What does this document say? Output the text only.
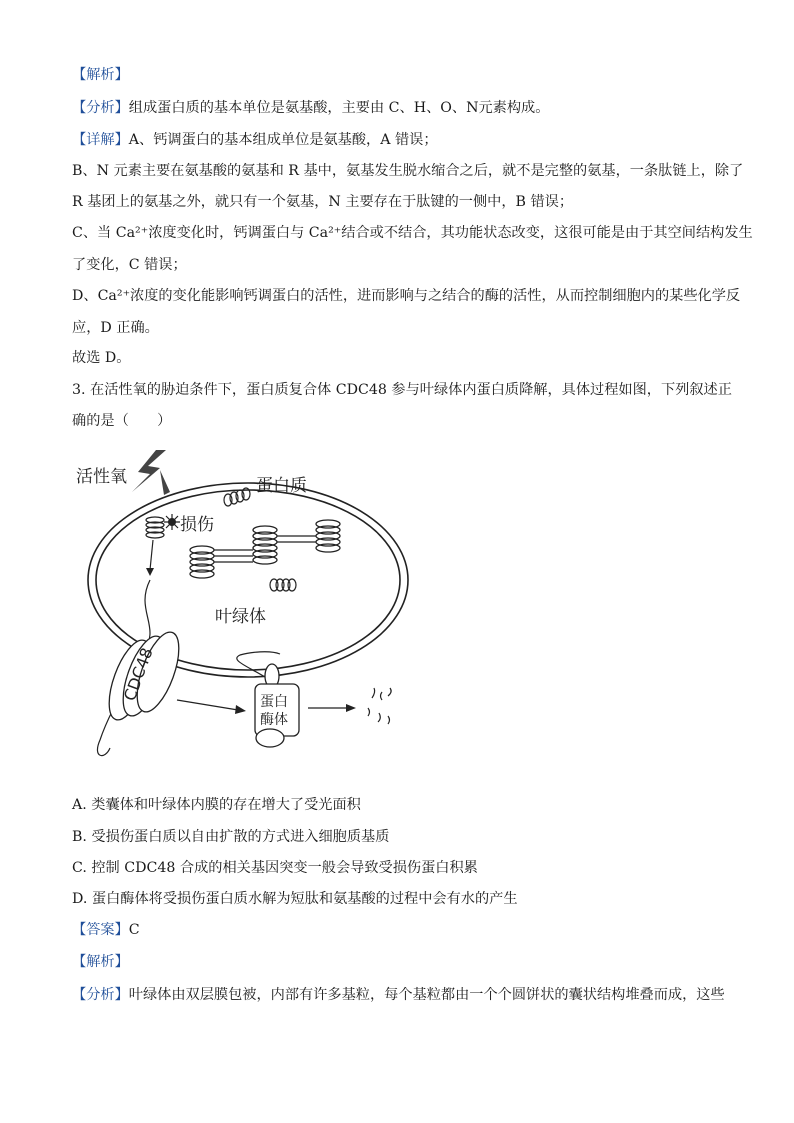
【解析】
【分析】组成蛋白质的基本单位是氨基酸，主要由 C、H、O、N元素构成。
【详解】A、钙调蛋白的基本组成单位是氨基酸，A 错误；
B、N 元素主要在氨基酸的氨基和 R 基中，氨基发生脱水缩合之后，就不是完整的氨基，一条肽链上，除了
R 基团上的氨基之外，就只有一个氨基，N 主要存在于肽键的一侧中，B 错误；
C、当 Ca²⁺浓度变化时，钙调蛋白与 Ca²⁺结合或不结合，其功能状态改变，这很可能是由于其空间结构发生
了变化，C 错误；
D、Ca²⁺浓度的变化能影响钙调蛋白的活性，进而影响与之结合的酶的活性，从而控制细胞内的某些化学反
应，D 正确。
故选 D。
3. 在活性氧的胁迫条件下，蛋白质复合体 CDC48 参与叶绿体内蛋白质降解，具体过程如图，下列叙述正
确的是（　　）
活性氧	蛋白质
损伤
叶绿体
CDC48	蛋白
酶体
A. 类囊体和叶绿体内膜的存在增大了受光面积
B. 受损伤蛋白质以自由扩散的方式进入细胞质基质
C. 控制 CDC48 合成的相关基因突变一般会导致受损伤蛋白积累
D. 蛋白酶体将受损伤蛋白质水解为短肽和氨基酸的过程中会有水的产生
【答案】C
【解析】
【分析】叶绿体由双层膜包被，内部有许多基粒，每个基粒都由一个个圆饼状的囊状结构堆叠而成，这些
